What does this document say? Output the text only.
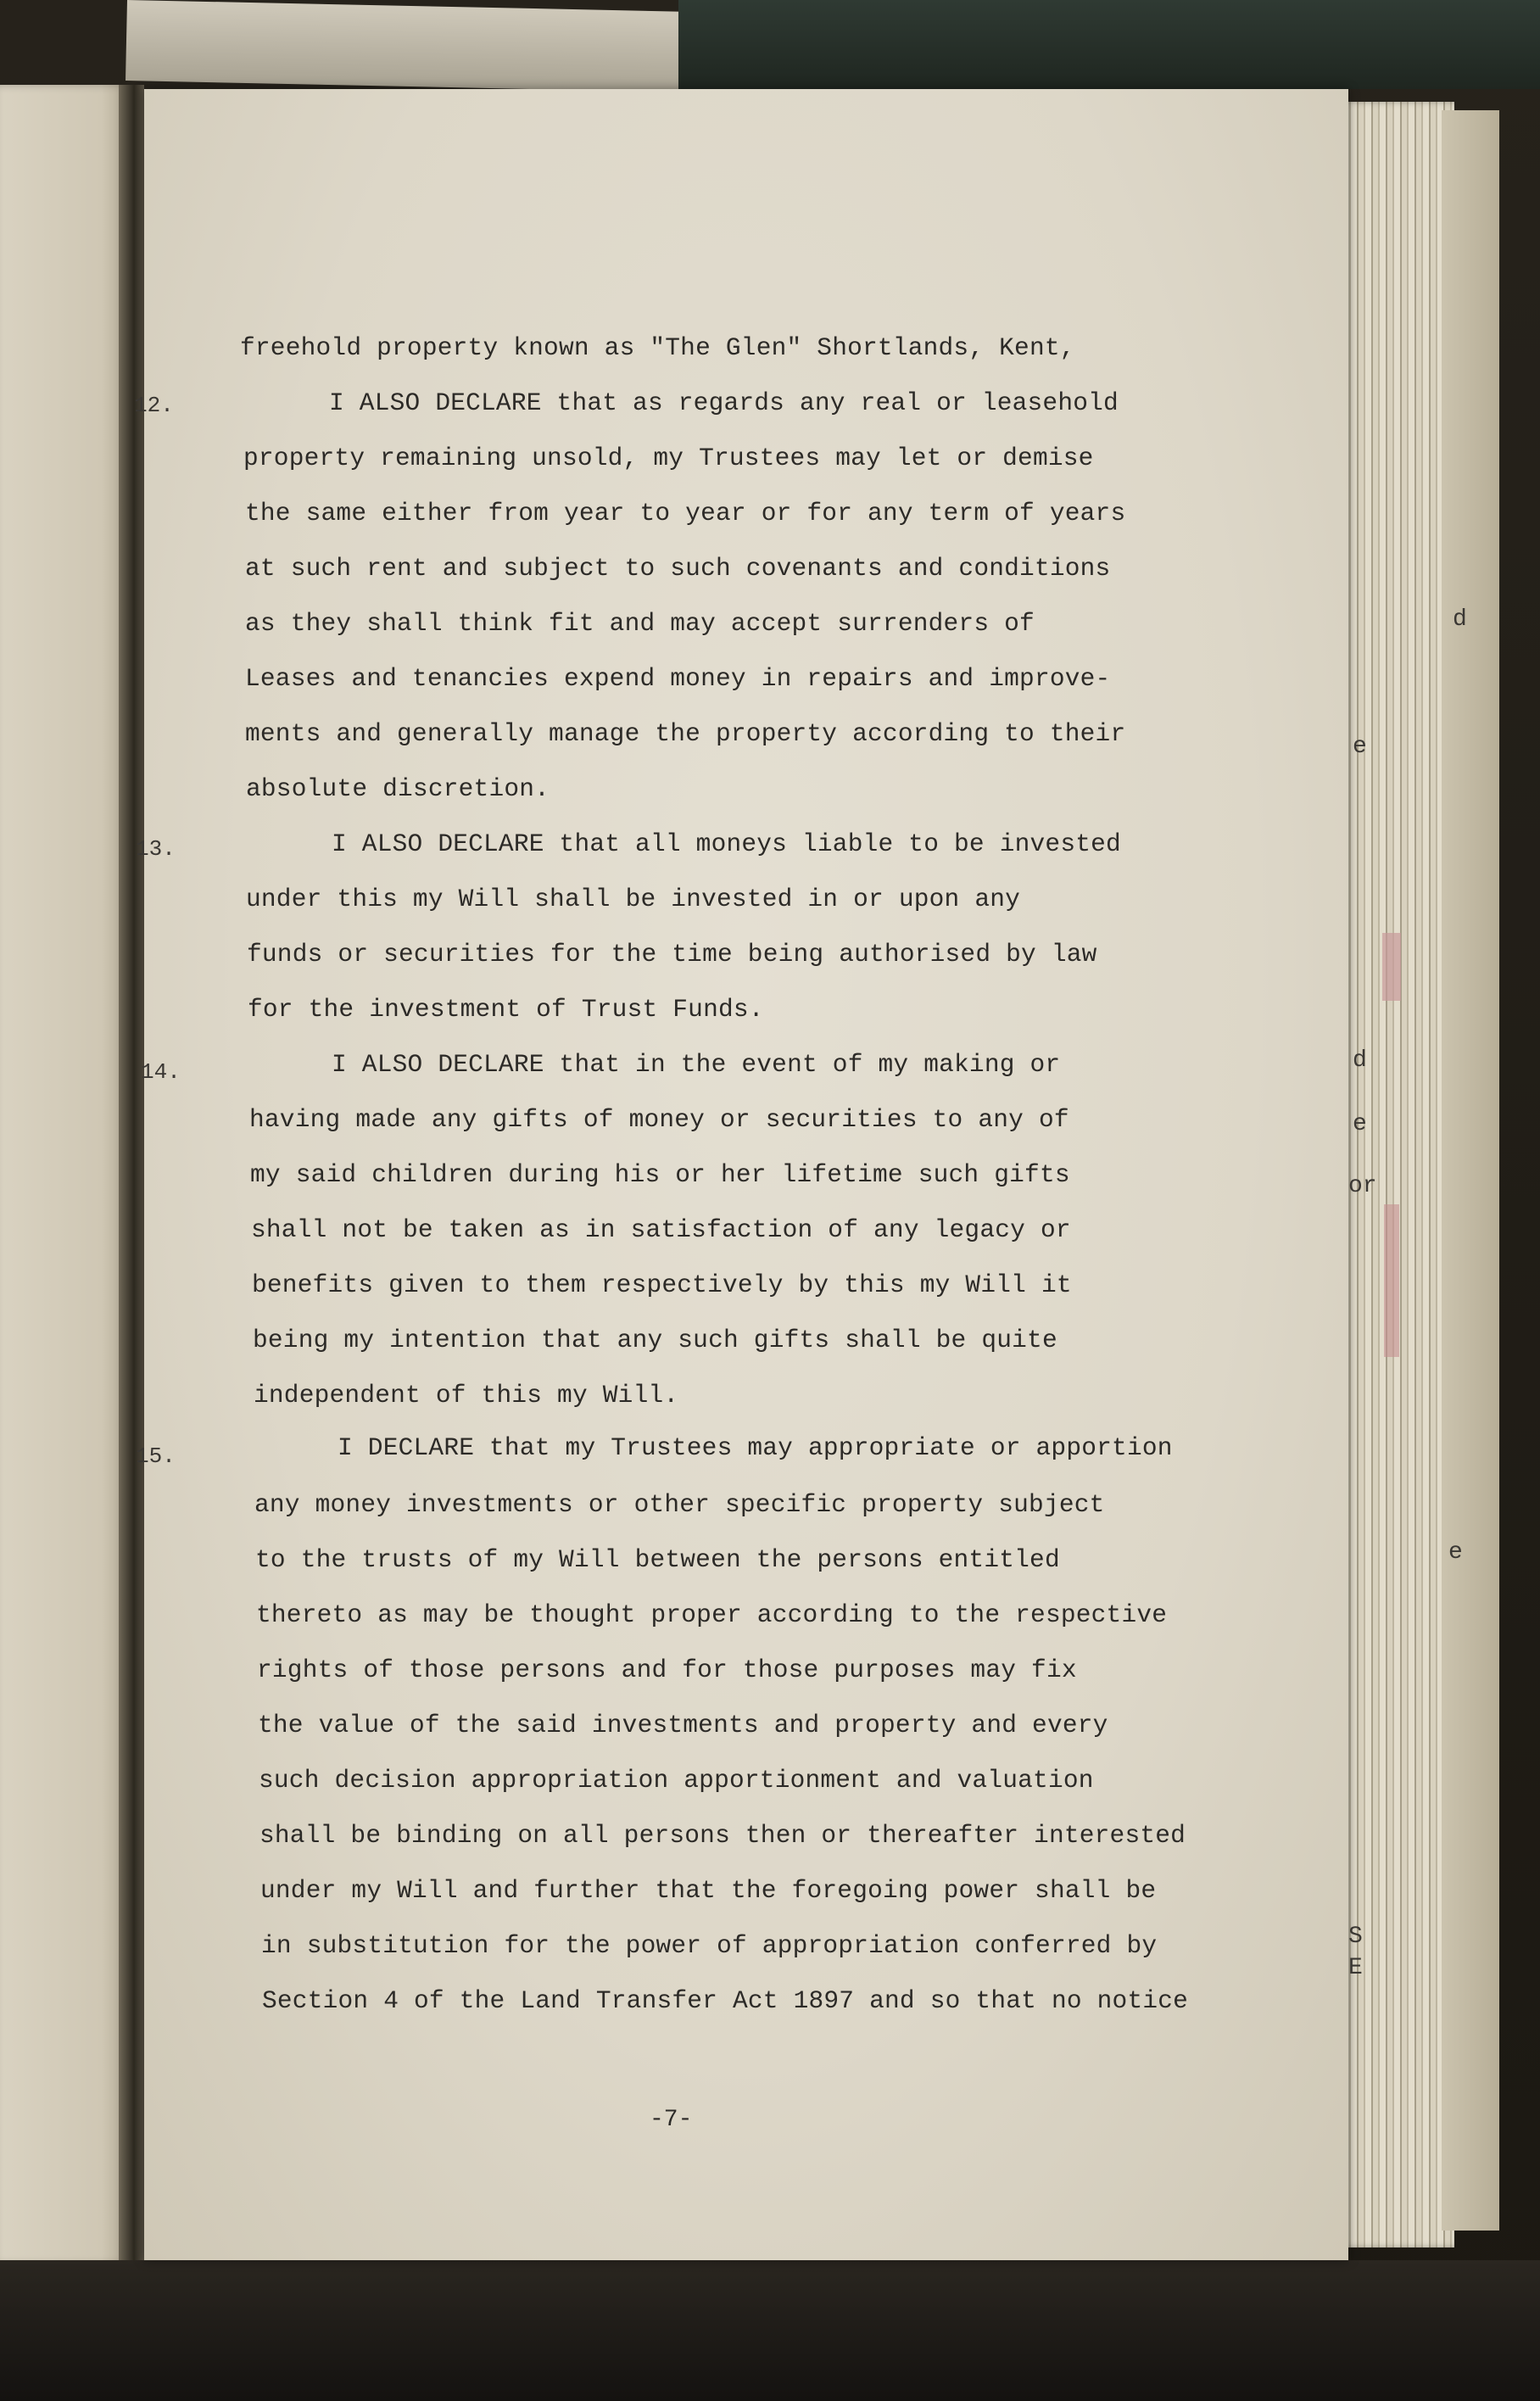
12.

13.

14.

15.

freehold property known as "The Glen" Shortlands, Kent,

I ALSO DECLARE that as regards any real or leasehold

property remaining unsold, my Trustees may let or demise

the same either from year to year or for any term of years

at such rent and subject to such covenants and conditions

as they shall think fit and may accept surrenders of

Leases and tenancies expend money in repairs and improve-

ments and generally manage the property according to their

absolute discretion.

I ALSO DECLARE that all moneys liable to be invested

under this my Will shall be invested in or upon any

funds or securities for the time being authorised by law

for the investment of Trust Funds.

I ALSO DECLARE that in the event of my making or

having made any gifts of money or securities to any of

my said children during his or her lifetime such gifts

shall not be taken as in satisfaction of any legacy or

benefits given to them respectively by this my Will it

being my intention that any such gifts shall be quite

independent of this my Will.

I DECLARE that my Trustees may appropriate or apportion

any money investments or other specific property subject

to the trusts of my Will between the persons entitled

thereto as may be thought proper according to the respective

rights of those persons and for those purposes may fix

the value of the said investments and property and every

such decision appropriation apportionment and valuation

shall be binding on all persons then or thereafter interested

under my Will and further that the foregoing power shall be

in substitution for the power of appropriation conferred by

Section 4 of the Land Transfer Act 1897 and so that no notice

-7-

d

e

d

e

or

e

S

E
